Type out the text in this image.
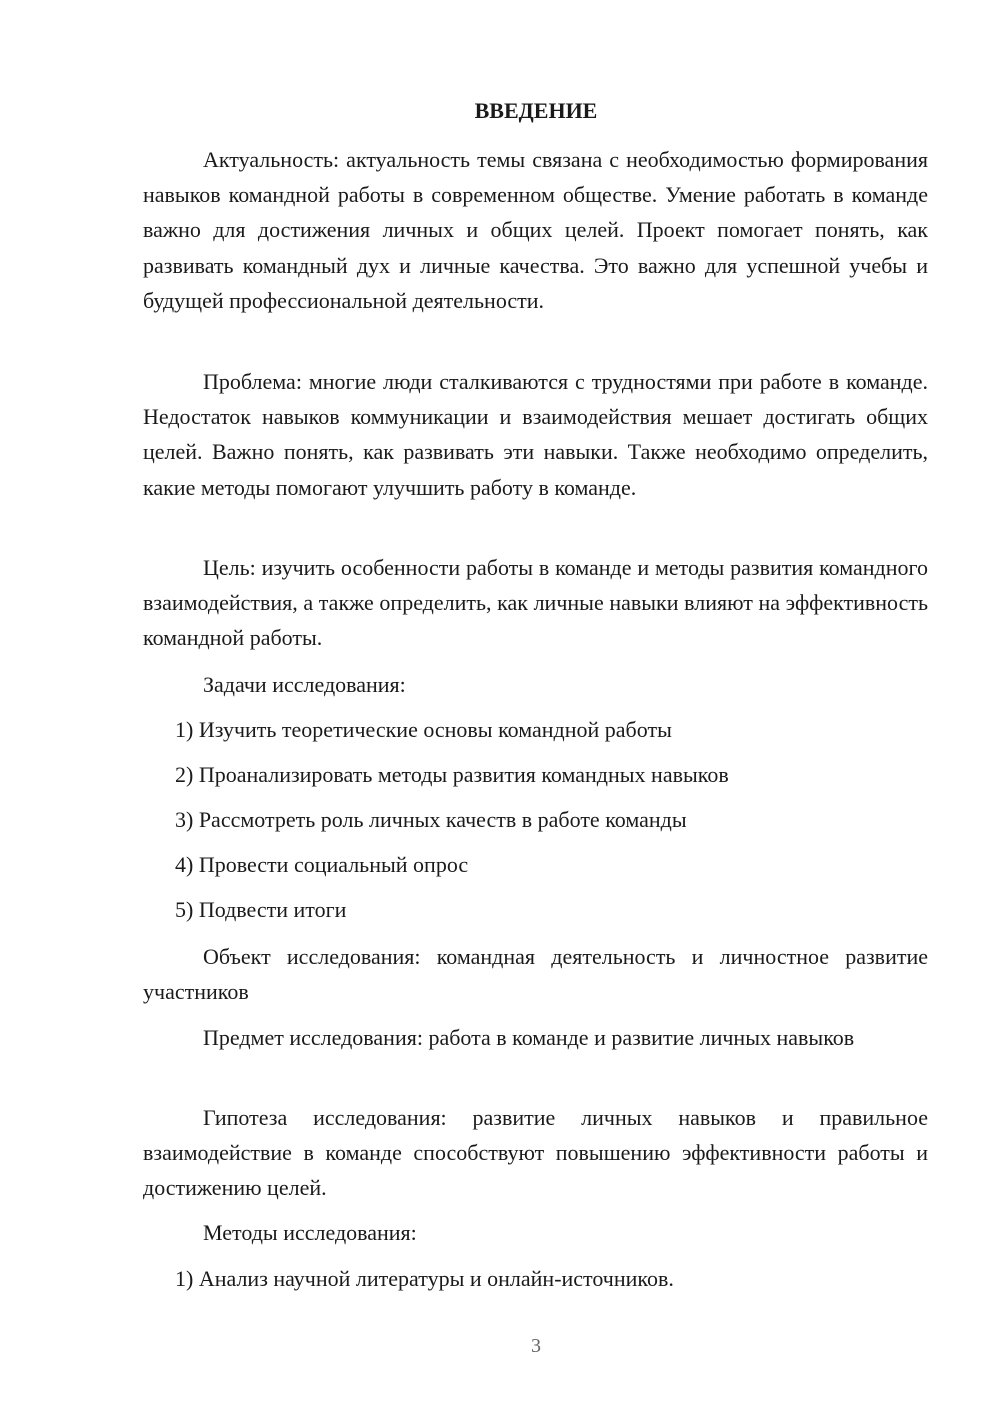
ВВЕДЕНИЕ

Актуальность: актуальность темы связана с необходимостью формирования навыков командной работы в современном обществе. Умение работать в команде важно для достижения личных и общих целей. Проект помогает понять, как развивать командный дух и личные качества. Это важно для успешной учебы и будущей профессиональной деятельности.

Проблема: многие люди сталкиваются с трудностями при работе в команде. Недостаток навыков коммуникации и взаимодействия мешает достигать общих целей. Важно понять, как развивать эти навыки. Также необходимо определить, какие методы помогают улучшить работу в команде.

Цель: изучить особенности работы в команде и методы развития командного взаимодействия, а также определить, как личные навыки влияют на эффективность командной работы.

Задачи исследования:

1) Изучить теоретические основы командной работы

2) Проанализировать методы развития командных навыков

3) Рассмотреть роль личных качеств в работе команды

4) Провести социальный опрос

5) Подвести итоги

Объект исследования: командная деятельность и личностное развитие участников

Предмет исследования: работа в команде и развитие личных навыков

Гипотеза исследования: развитие личных навыков и правильное взаимодействие в команде способствуют повышению эффективности работы и достижению целей.

Методы исследования:

1) Анализ научной литературы и онлайн-источников.

3
